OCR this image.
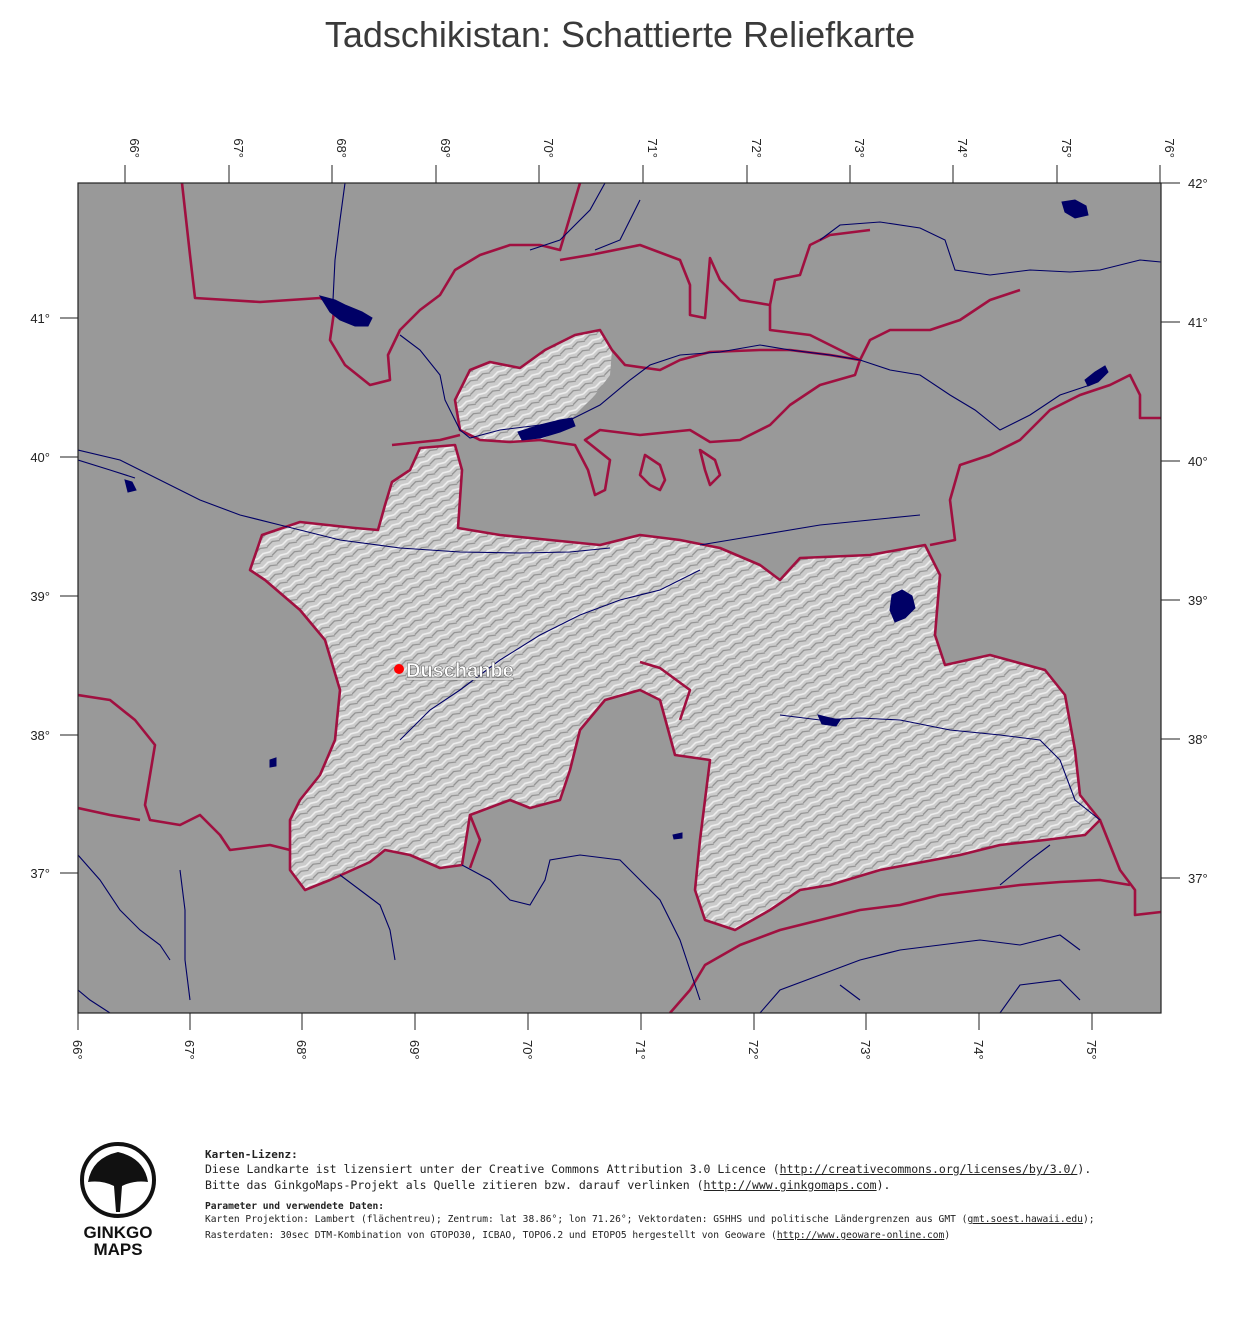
Tadschikistan: Schattierte Reliefkarte
Duschanbe
66°	67°	68°	69°	70°	71°	72°	73°	74°	75°	76°
66°	67°	68°	69°	70°	71°	72°	73°	74°	75°
41°
40°
39°
38°
37°
42°
41°
40°
39°
38°
37°
GINKGO
MAPS
Karten-Lizenz:
Diese Landkarte ist lizensiert unter der Creative Commons Attribution 3.0 Licence (http://creativecommons.org/licenses/by/3.0/).
Bitte das GinkgoMaps-Projekt als Quelle zitieren bzw. darauf verlinken (http://www.ginkgomaps.com).
Parameter und verwendete Daten:
Karten Projektion: Lambert (flächentreu); Zentrum: lat 38.86°; lon 71.26°; Vektordaten: GSHHS und politische Ländergrenzen aus GMT (gmt.soest.hawaii.edu);
Rasterdaten: 30sec DTM-Kombination von GTOPO30, ICBAO, TOPO6.2 und ETOPO5 hergestellt von Geoware (http://www.geoware-online.com)
